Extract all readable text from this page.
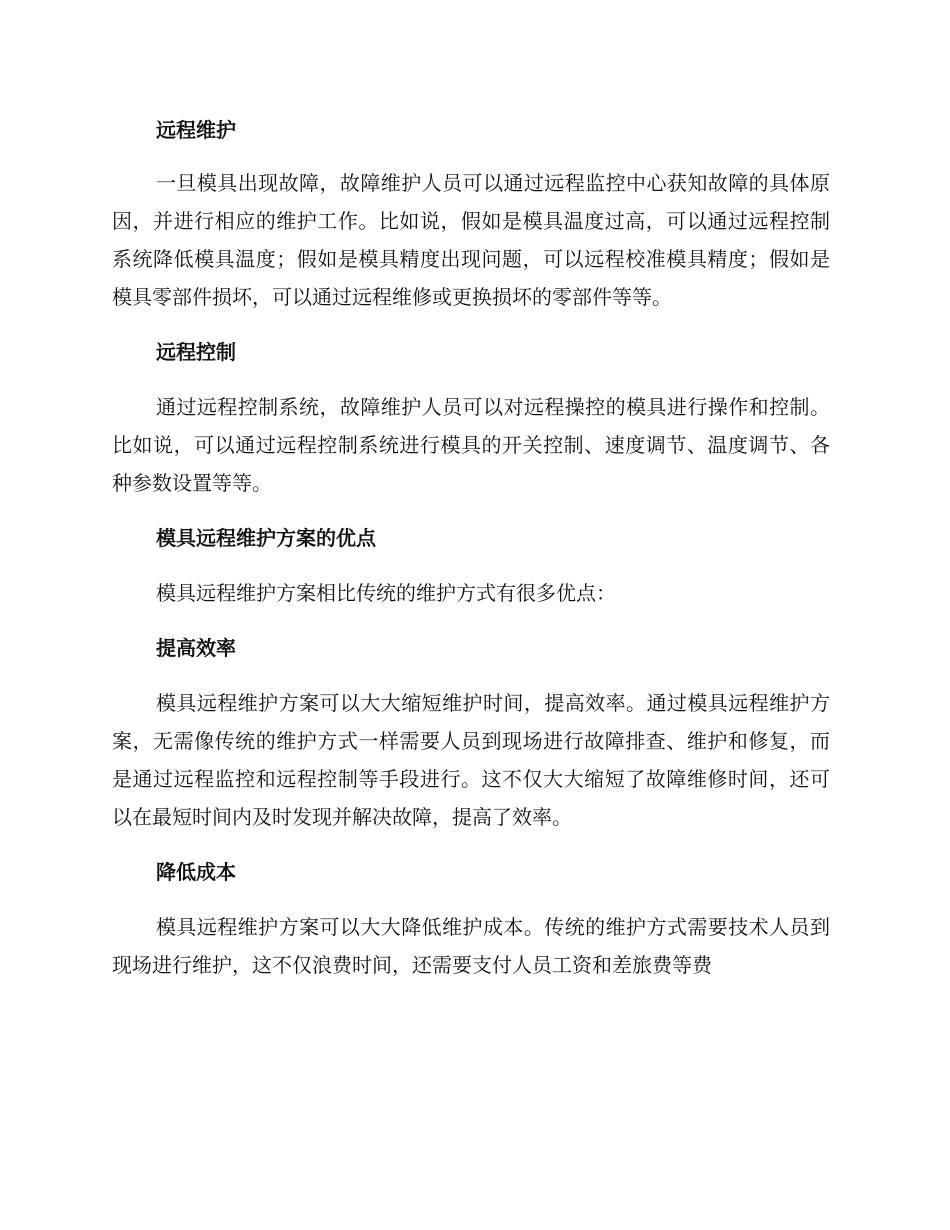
远程维护

一旦模具出现故障，故障维护人员可以通过远程监控中心获知故障的具体原因，并进行相应的维护工作。比如说，假如是模具温度过高，可以通过远程控制系统降低模具温度；假如是模具精度出现问题，可以远程校准模具精度；假如是模具零部件损坏，可以通过远程维修或更换损坏的零部件等等。

远程控制

通过远程控制系统，故障维护人员可以对远程操控的模具进行操作和控制。比如说，可以通过远程控制系统进行模具的开关控制、速度调节、温度调节、各种参数设置等等。

模具远程维护方案的优点

模具远程维护方案相比传统的维护方式有很多优点：

提高效率

模具远程维护方案可以大大缩短维护时间，提高效率。通过模具远程维护方案，无需像传统的维护方式一样需要人员到现场进行故障排查、维护和修复，而是通过远程监控和远程控制等手段进行。这不仅大大缩短了故障维修时间，还可以在最短时间内及时发现并解决故障，提高了效率。

降低成本

模具远程维护方案可以大大降低维护成本。传统的维护方式需要技术人员到现场进行维护，这不仅浪费时间，还需要支付人员工资和差旅费等费
